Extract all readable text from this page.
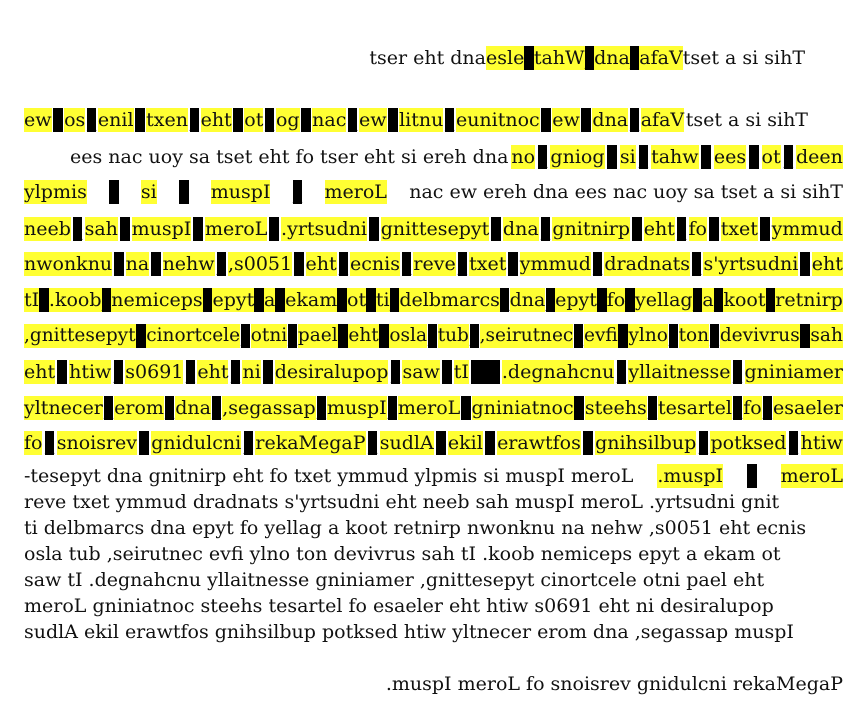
tser eht dna esle _ tahW _ dna _ afaV tset a si sihT
ew _ os _ enil _ txen _ eht _ ot _ og _ nac _ ew _ litnu _ eunitnoc _ ew _ dna _ afaV tset a si sihT
ees nac uoy sa tset eht fo tser eht si ereh dna no _ gniog _ si _ tahw _ ees _ ot _ deen
ylpmis _ si _ muspI _ meroL nac ew ereh dna ees nac uoy sa tset a si sihT
neeb _ sah _ muspI _ meroL _ .yrtsudni _ gnittesepyt _ dna _ gnitnirp _ eht _ fo _ txet _ ymmud
nwonknu _ na _ nehw _ ,s0051 _ eht _ ecnis _ reve _ txet _ ymmud _ dradnats _ s'yrtsudni _ eht
tI _ .koob _ nemiceps _ epyt _ a _ ekam _ ot _ ti _ delbmarcs _ dna _ epyt _ fo _ yellag _ a _ koot _ retnirp
,gnittesepyt _ cinortcele _ otni _ pael _ eht _ osla _ tub _ ,seirutnec _ evfi _ ylno _ ton _ devivrus _ sah
eht _ htiw _ s0691 _ eht _ ni _ desiralupop _ saw _ tI ___ .degnahcnu _ yllaitnesse _ gniniamer
yltnecer _ erom _ dna _ ,segassap _ muspI _ meroL _ gniniatnoc _ steehs _ tesartel _ fo _ esaeler
fo _ snoisrev _ gnidulcni _ rekaMegaP _ sudlA _ ekil _ erawtfos _ gnihsilbup _ potksed _ htiw
-tesepyt dna gnitnirp eht fo txet ymmud ylpmis si muspI meroL .muspI _ meroL
reve txet ymmud dradnats s'yrtsudni eht neeb sah muspI meroL .yrtsudni gnit
ti delbmarcs dna epyt fo yellag a koot retnirp nwonknu na nehw ,s0051 eht ecnis
osla tub ,seirutnec evfi ylno ton devivrus sah tI .koob nemiceps epyt a ekam ot
saw tI .degnahcnu yllaitnesse gniniamer ,gnittesepyt cinortcele otni pael eht
meroL gniniatnoc steehs tesartel fo esaeler eht htiw s0691 eht ni desiralupop
sudlA ekil erawtfos gnihsilbup potksed htiw yltnecer erom dna ,segassap muspI
.muspI meroL fo snoisrev gnidulcni rekaMegaP
